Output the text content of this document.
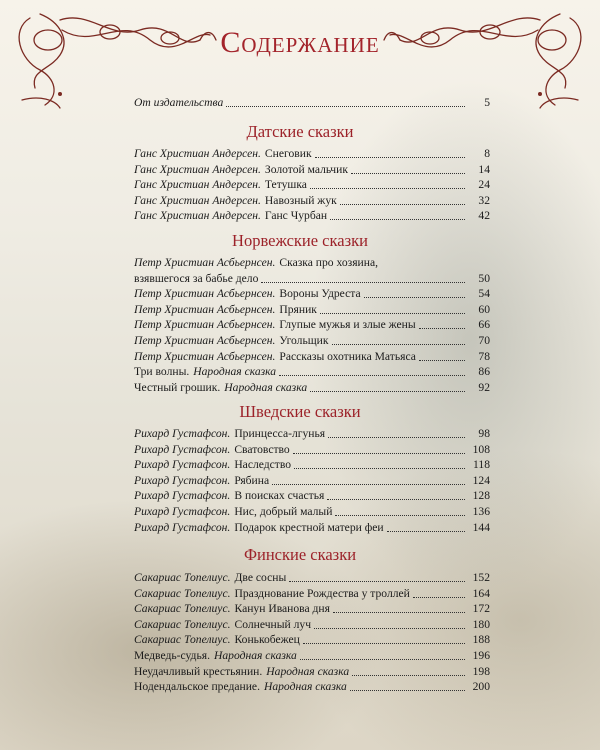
Содержание
От издательства	5
Датские сказки
Ганс Христиан Андерсен. Снеговик	8
Ганс Христиан Андерсен. Золотой мальчик	14
Ганс Христиан Андерсен. Тетушка	24
Ганс Христиан Андерсен. Навозный жук	32
Ганс Христиан Андерсен. Ганс Чурбан	42
Норвежские сказки
Петр Христиан Асбьернсен. Сказка про хозяина,
взявшегося за бабье дело	50
Петр Христиан Асбьернсен. Вороны Удреста	54
Петр Христиан Асбьернсен. Пряник	60
Петр Христиан Асбьернсен. Глупые мужья и злые жены	66
Петр Христиан Асбьернсен. Угольщик	70
Петр Христиан Асбьернсен. Рассказы охотника Матьяса	78
Три волны. Народная сказка	86
Честный грошик. Народная сказка	92
Шведские сказки
Рихард Густафсон. Принцесса-лгунья	98
Рихард Густафсон. Сватовство	108
Рихард Густафсон. Наследство	118
Рихард Густафсон. Рябина	124
Рихард Густафсон. В поисках счастья	128
Рихард Густафсон. Нис, добрый малый	136
Рихард Густафсон. Подарок крестной матери феи	144
Финские сказки
Сакариас Топелиус. Две сосны	152
Сакариас Топелиус. Празднование Рождества у троллей	164
Сакариас Топелиус. Канун Иванова дня	172
Сакариас Топелиус. Солнечный луч	180
Сакариас Топелиус. Конькобежец	188
Медведь-судья. Народная сказка	196
Неудачливый крестьянин. Народная сказка	198
Нодендальское предание. Народная сказка	200
